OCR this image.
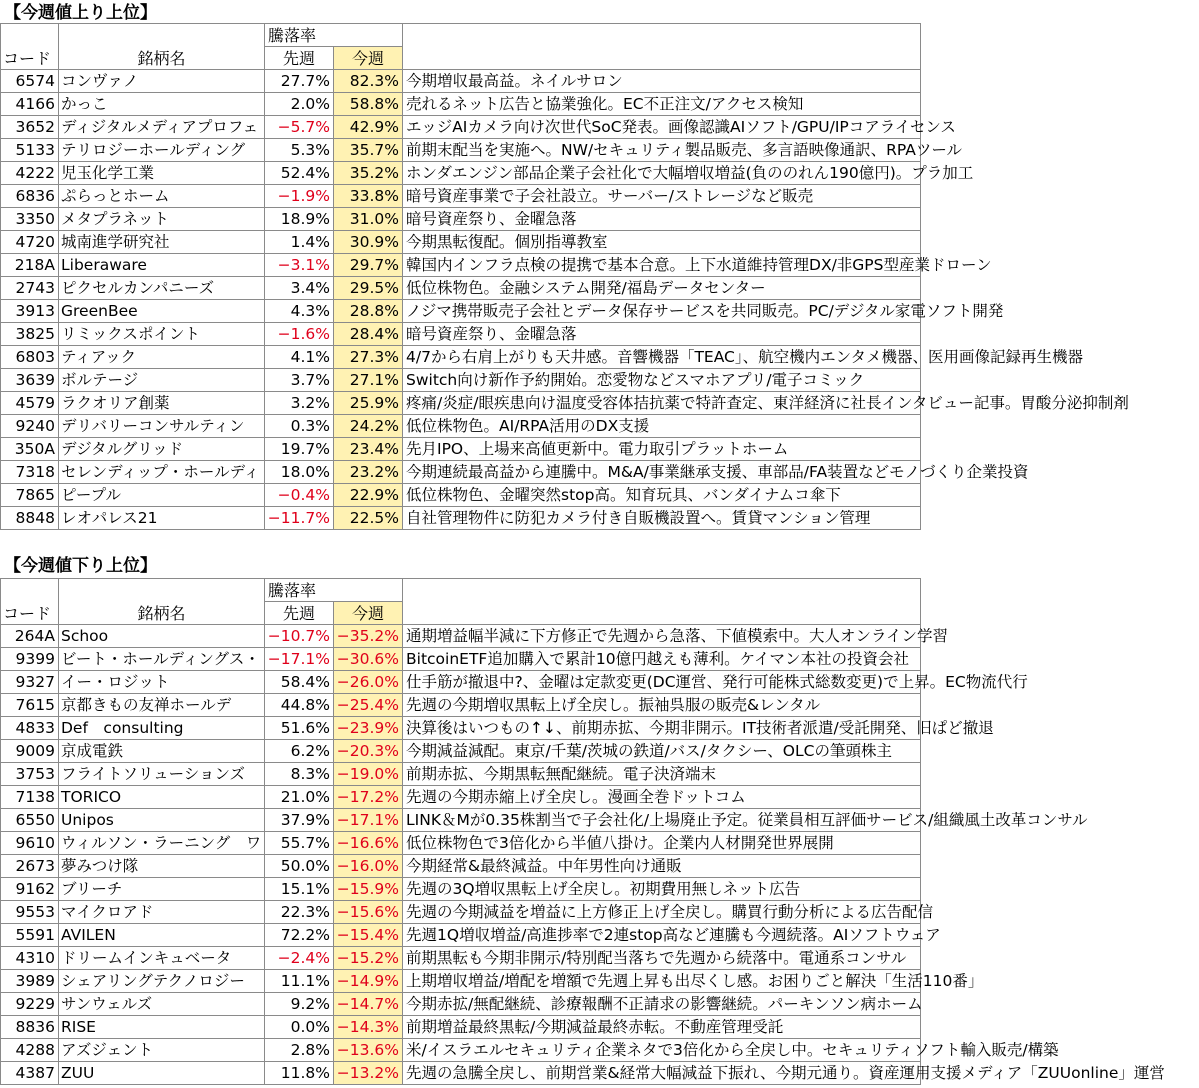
【今週値上り上位】
		騰落率		
コード	銘柄名	先週	今週	
6574	コンヴァノ	27.7%	82.3%	今期増収最高益。ネイルサロン
4166	かっこ	2.0%	58.8%	売れるネット広告と協業強化。EC不正注文/アクセス検知
3652	ディジタルメディアプロフェ	−5.7%	42.9%	エッジAIカメラ向け次世代SoC発表。画像認識AIソフト/GPU/IPコアライセンス
5133	テリロジーホールディング	5.3%	35.7%	前期末配当を実施へ。NW/セキュリティ製品販売、多言語映像通訳、RPAツール
4222	児玉化学工業	52.4%	35.2%	ホンダエンジン部品企業子会社化で大幅増収増益(負ののれん190億円)。プラ加工
6836	ぷらっとホーム	−1.9%	33.8%	暗号資産事業で子会社設立。サーバー/ストレージなど販売
3350	メタプラネット	18.9%	31.0%	暗号資産祭り、金曜急落
4720	城南進学研究社	1.4%	30.9%	今期黒転復配。個別指導教室
218A	Liberaware	−3.1%	29.7%	韓国内インフラ点検の提携で基本合意。上下水道維持管理DX/非GPS型産業ドローン
2743	ピクセルカンパニーズ	3.4%	29.5%	低位株物色。金融システム開発/福島データセンター
3913	GreenBee	4.3%	28.8%	ノジマ携帯販売子会社とデータ保存サービスを共同販売。PC/デジタル家電ソフト開発
3825	リミックスポイント	−1.6%	28.4%	暗号資産祭り、金曜急落
6803	ティアック	4.1%	27.3%	4/7から右肩上がりも天井感。音響機器「TEAC」、航空機内エンタメ機器、医用画像記録再生機器
3639	ボルテージ	3.7%	27.1%	Switch向け新作予約開始。恋愛物などスマホアプリ/電子コミック
4579	ラクオリア創薬	3.2%	25.9%	疼痛/炎症/眼疾患向け温度受容体拮抗薬で特許査定、東洋経済に社長インタビュー記事。胃酸分泌抑制剤
9240	デリバリーコンサルティン	0.3%	24.2%	低位株物色。AI/RPA活用のDX支援
350A	デジタルグリッド	19.7%	23.4%	先月IPO、上場来高値更新中。電力取引プラットホーム
7318	セレンディップ・ホールディ	18.0%	23.2%	今期連続最高益から連騰中。M&A/事業継承支援、車部品/FA装置などモノづくり企業投資
7865	ピープル	−0.4%	22.9%	低位株物色、金曜突然stop高。知育玩具、バンダイナムコ傘下
8848	レオパレス21	−11.7%	22.5%	自社管理物件に防犯カメラ付き自販機設置へ。賃貸マンション管理
【今週値下り上位】
		騰落率		
コード	銘柄名	先週	今週	
264A	Schoo	−10.7%	−35.2%	通期増益幅半減に下方修正で先週から急落、下値模索中。大人オンライン学習
9399	ビート・ホールディングス・	−17.1%	−30.6%	BitcoinETF追加購入で累計10億円越えも薄利。ケイマン本社の投資会社
9327	イー・ロジット	58.4%	−26.0%	仕手筋が撤退中?、金曜は定款変更(DC運営、発行可能株式総数変更)で上昇。EC物流代行
7615	京都きもの友禅ホールデ	44.8%	−25.4%	先週の今期増収黒転上げ全戻し。振袖呉服の販売&レンタル
4833	Def　consulting	51.6%	−23.9%	決算後はいつもの↑↓、前期赤拡、今期非開示。IT技術者派遣/受託開発、旧ぱど撤退
9009	京成電鉄	6.2%	−20.3%	今期減益減配。東京/千葉/茨城の鉄道/バス/タクシー、OLCの筆頭株主
3753	フライトソリューションズ	8.3%	−19.0%	前期赤拡、今期黒転無配継続。電子決済端末
7138	TORICO	21.0%	−17.2%	先週の今期赤縮上げ全戻し。漫画全巻ドットコム
6550	Unipos	37.9%	−17.1%	LINK＆Mが0.35株割当で子会社化/上場廃止予定。従業員相互評価サービス/組織風土改革コンサル
9610	ウィルソン・ラーニング　ワ	55.7%	−16.6%	低位株物色で3倍化から半値八掛け。企業内人材開発世界展開
2673	夢みつけ隊	50.0%	−16.0%	今期経常&最終減益。中年男性向け通販
9162	ブリーチ	15.1%	−15.9%	先週の3Q増収黒転上げ全戻し。初期費用無しネット広告
9553	マイクロアド	22.3%	−15.6%	先週の今期減益を増益に上方修正上げ全戻し。購買行動分析による広告配信
5591	AVILEN	72.2%	−15.4%	先週1Q増収増益/高進捗率で2連stop高など連騰も今週続落。AIソフトウェア
4310	ドリームインキュベータ	−2.4%	−15.2%	前期黒転も今期非開示/特別配当落ちで先週から続落中。電通系コンサル
3989	シェアリングテクノロジー	11.1%	−14.9%	上期増収増益/増配を増額で先週上昇も出尽くし感。お困りごと解決「生活110番」
9229	サンウェルズ	9.2%	−14.7%	今期赤拡/無配継続、診療報酬不正請求の影響継続。パーキンソン病ホーム
8836	RISE	0.0%	−14.3%	前期増益最終黒転/今期減益最終赤転。不動産管理受託
4288	アズジェント	2.8%	−13.6%	米/イスラエルセキュリティ企業ネタで3倍化から全戻し中。セキュリティソフト輸入販売/構築
4387	ZUU	11.8%	−13.2%	先週の急騰全戻し、前期営業&経常大幅減益下振れ、今期元通り。資産運用支援メディア「ZUUonline」運営
